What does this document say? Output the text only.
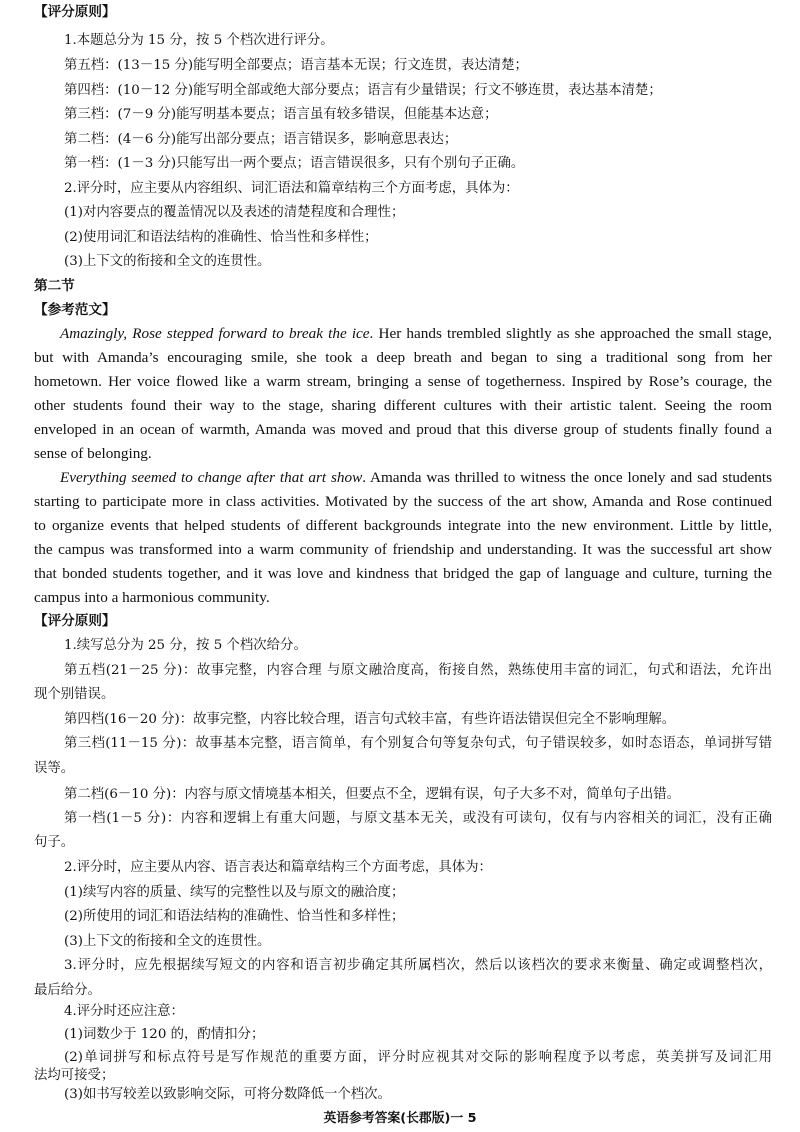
【评分原则】
1.本题总分为 15 分，按 5 个档次进行评分。
第五档：(13－15 分)能写明全部要点；语言基本无误；行文连贯，表达清楚；
第四档：(10－12 分)能写明全部或绝大部分要点；语言有少量错误；行文不够连贯，表达基本清楚；
第三档：(7－9 分)能写明基本要点；语言虽有较多错误，但能基本达意；
第二档：(4－6 分)能写出部分要点；语言错误多，影响意思表达；
第一档：(1－3 分)只能写出一两个要点；语言错误很多，只有个别句子正确。
2.评分时，应主要从内容组织、词汇语法和篇章结构三个方面考虑，具体为：
(1)对内容要点的覆盖情况以及表述的清楚程度和合理性；
(2)使用词汇和语法结构的准确性、恰当性和多样性；
(3)上下文的衔接和全文的连贯性。
第二节
【参考范文】
Amazingly, Rose stepped forward to break the ice. Her hands trembled slightly as she approached the small stage,
but with Amanda’s encouraging smile, she took a deep breath and began to sing a traditional song from her
hometown. Her voice flowed like a warm stream, bringing a sense of togetherness. Inspired by Rose’s courage, the
other students found their way to the stage, sharing different cultures with their artistic talent. Seeing the room
enveloped in an ocean of warmth, Amanda was moved and proud that this diverse group of students finally found a
sense of belonging.
Everything seemed to change after that art show. Amanda was thrilled to witness the once lonely and sad students
starting to participate more in class activities. Motivated by the success of the art show, Amanda and Rose continued
to organize events that helped students of different backgrounds integrate into the new environment. Little by little,
the campus was transformed into a warm community of friendship and understanding. It was the successful art show
that bonded students together, and it was love and kindness that bridged the gap of language and culture, turning the
campus into a harmonious community.
【评分原则】
1.续写总分为 25 分，按 5 个档次给分。
第五档(21－25 分)：故事完整，内容合理 与原文融洽度高，衔接自然，熟练使用丰富的词汇，句式和语法，允许出
现个别错误。
第四档(16－20 分)：故事完整，内容比较合理，语言句式较丰富，有些许语法错误但完全不影响理解。
第三档(11－15 分)：故事基本完整，语言简单，有个别复合句等复杂句式，句子错误较多，如时态语态，单词拼写错
误等。
第二档(6－10 分)：内容与原文情境基本相关，但要点不全，逻辑有误，句子大多不对，简单句子出错。
第一档(1－5 分)：内容和逻辑上有重大问题，与原文基本无关，或没有可读句，仅有与内容相关的词汇，没有正确
句子。
2.评分时，应主要从内容、语言表达和篇章结构三个方面考虑，具体为：
(1)续写内容的质量、续写的完整性以及与原文的融洽度；
(2)所使用的词汇和语法结构的准确性、恰当性和多样性；
(3)上下文的衔接和全文的连贯性。
3.评分时，应先根据续写短文的内容和语言初步确定其所属档次，然后以该档次的要求来衡量、确定或调整档次，
最后给分。
4.评分时还应注意：
(1)词数少于 120 的，酌情扣分；
(2)单词拼写和标点符号是写作规范的重要方面，评分时应视其对交际的影响程度予以考虑，英美拼写及词汇用
法均可接受；
英语参考答案(长郡版)一 5
(3)如书写较差以致影响交际，可将分数降低一个档次。
